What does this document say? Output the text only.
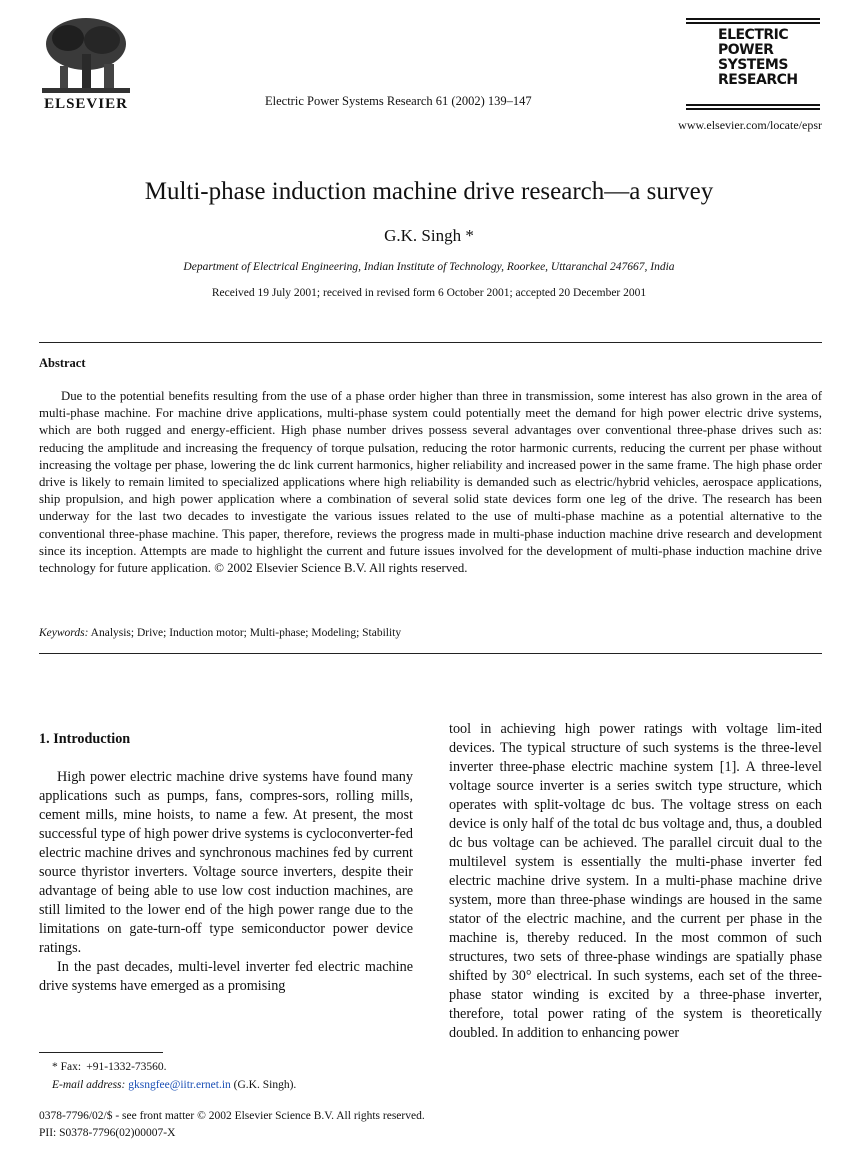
ELSEVIER	Electric Power Systems Research 61 (2002) 139–147
ELECTRIC
POWER
SYSTEMS
RESEARCH
www.elsevier.com/locate/epsr
Multi-phase induction machine drive research—a survey
G.K. Singh *
Department of Electrical Engineering, Indian Institute of Technology, Roorkee, Uttaranchal 247667, India
Received 19 July 2001; received in revised form 6 October 2001; accepted 20 December 2001
Abstract
Due to the potential benefits resulting from the use of a phase order higher than three in transmission, some interest has also grown in the area of multi-phase machine. For machine drive applications, multi-phase system could potentially meet the demand for high power electric drive systems, which are both rugged and energy-efficient. High phase number drives possess several advantages over conventional three-phase drives such as: reducing the amplitude and increasing the frequency of torque pulsation, reducing the rotor harmonic currents, reducing the current per phase without increasing the voltage per phase, lowering the dc link current harmonics, higher reliability and increased power in the same frame. The high phase order drive is likely to remain limited to specialized applications where high reliability is demanded such as electric/hybrid vehicles, aerospace applications, ship propulsion, and high power application where a combination of several solid state devices form one leg of the drive. The research has been underway for the last two decades to investigate the various issues related to the use of multi-phase machine as a potential alternative to the conventional three-phase machine. This paper, therefore, reviews the progress made in multi-phase induction machine drive research and development since its inception. Attempts are made to highlight the current and future issues involved for the development of multi-phase induction machine drive technology for future application. © 2002 Elsevier Science B.V. All rights reserved.
Keywords: Analysis; Drive; Induction motor; Multi-phase; Modeling; Stability
1. Introduction

High power electric machine drive systems have found many applications such as pumps, fans, compres-sors, rolling mills, cement mills, mine hoists, to name a few. At present, the most successful type of high power drive systems is cycloconverter-fed electric machine drives and synchronous machines fed by current source thyristor inverters. Voltage source inverters, despite their advantage of being able to use low cost induction machines, are still limited to the lower end of the high power range due to the limitations on gate-turn-off type semiconductor power device ratings.

In the past decades, multi-level inverter fed electric machine drive systems have emerged as a promising

tool in achieving high power ratings with voltage lim-ited devices. The typical structure of such systems is the three-level inverter three-phase electric machine system [1]. A three-level voltage source inverter is a series switch type structure, which operates with split-voltage dc bus. The voltage stress on each device is only half of the total dc bus voltage and, thus, a doubled dc bus voltage can be achieved. The parallel circuit dual to the multilevel system is essentially the multi-phase inverter fed electric machine drive system. In a multi-phase machine drive system, more than three-phase windings are housed in the same stator of the electric machine, and the current per phase in the machine is, thereby reduced. In the most common of such structures, two sets of three-phase windings are spatially phase shifted by 30° electrical. In such systems, each set of the three-phase stator winding is excited by a three-phase inverter, therefore, total power rating of the system is theoretically doubled. In addition to enhancing power

* Fax:  +91-1332-73560.
E-mail address: gksngfee@iitr.ernet.in (G.K. Singh).
0378-7796/02/$ - see front matter © 2002 Elsevier Science B.V. All rights reserved.
PII: S0378-7796(02)00007-X
